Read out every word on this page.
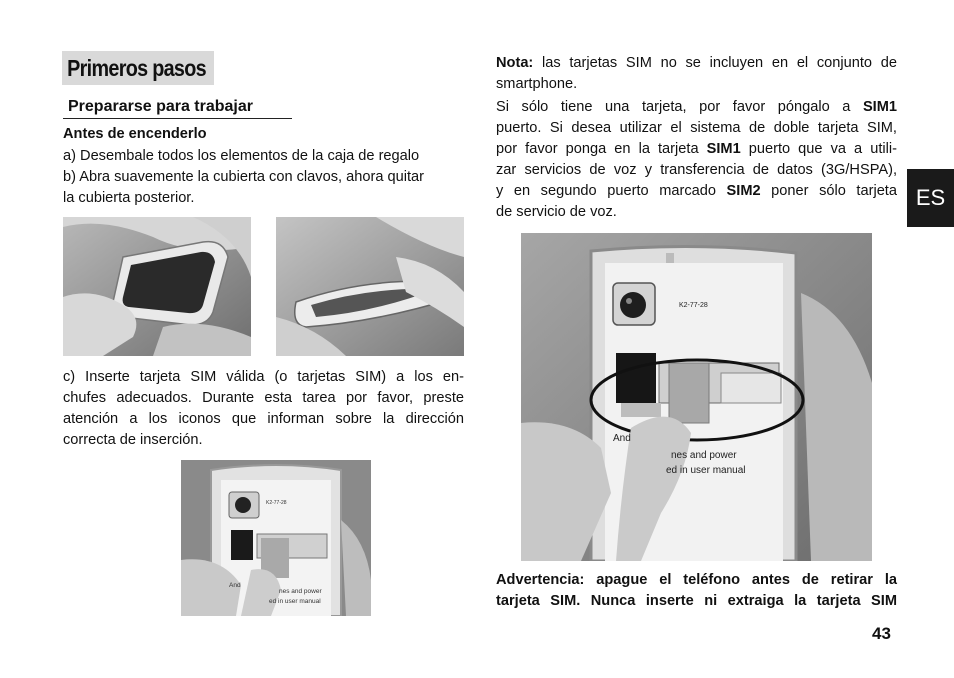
Primeros pasos
Prepararse para trabajar
Antes de encenderlo
a) Desembale todos los elementos de la caja de regalo
b) Abra suavemente la cubierta con clavos, ahora quitar
la cubierta posterior.
c) Inserte tarjeta SIM válida (o tarjetas SIM) a los en-
chufes adecuados. Durante esta tarea por favor, preste
atención a los iconos que informan sobre la dirección
correcta de inserción.
K2-77-28
And
nes and power
ed in user manual
Nota: las tarjetas SIM no se incluyen en el conjunto de
smartphone.
Si sólo tiene una tarjeta, por favor póngalo a SIM1
puerto. Si desea utilizar el sistema de doble tarjeta SIM,
por favor ponga en la tarjeta SIM1 puerto que va a utili-
zar servicios de voz y transferencia de datos (3G/HSPA),
y en segundo puerto marcado SIM2 poner sólo tarjeta
de servicio de voz.
K2-77-28
And
nes and power
ed in user manual
Advertencia: apague el teléfono antes de retirar la
tarjeta SIM. Nunca inserte ni extraiga la tarjeta SIM
ES
43
